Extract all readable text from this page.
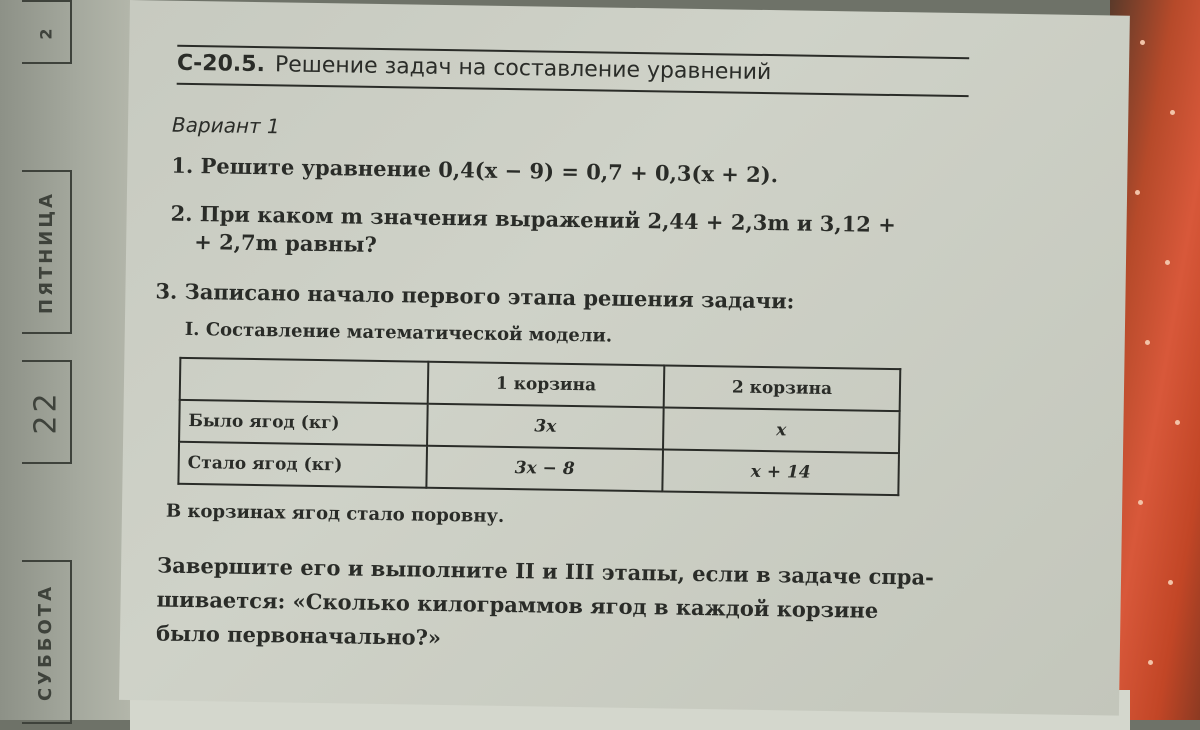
2
ПЯТНИЦА
22
СУББОТА
С-20.5. Решение задач на составление уравнений
Вариант 1
1. Решите уравнение 0,4(x − 9) = 0,7 + 0,3(x + 2).
2. При каком m значения выражений 2,44 + 2,3m и 3,12 +
+ 2,7m равны?
3. Записано начало первого этапа решения задачи:
I. Составление математической модели.
	1 корзина	2 корзина
Было ягод (кг)	3x	x
Стало ягод (кг)	3x − 8	x + 14
В корзинах ягод стало поровну.
Завершите его и выполните II и III этапы, если в задаче спра-
шивается: «Сколько килограммов ягод в каждой корзине
было первоначально?»
